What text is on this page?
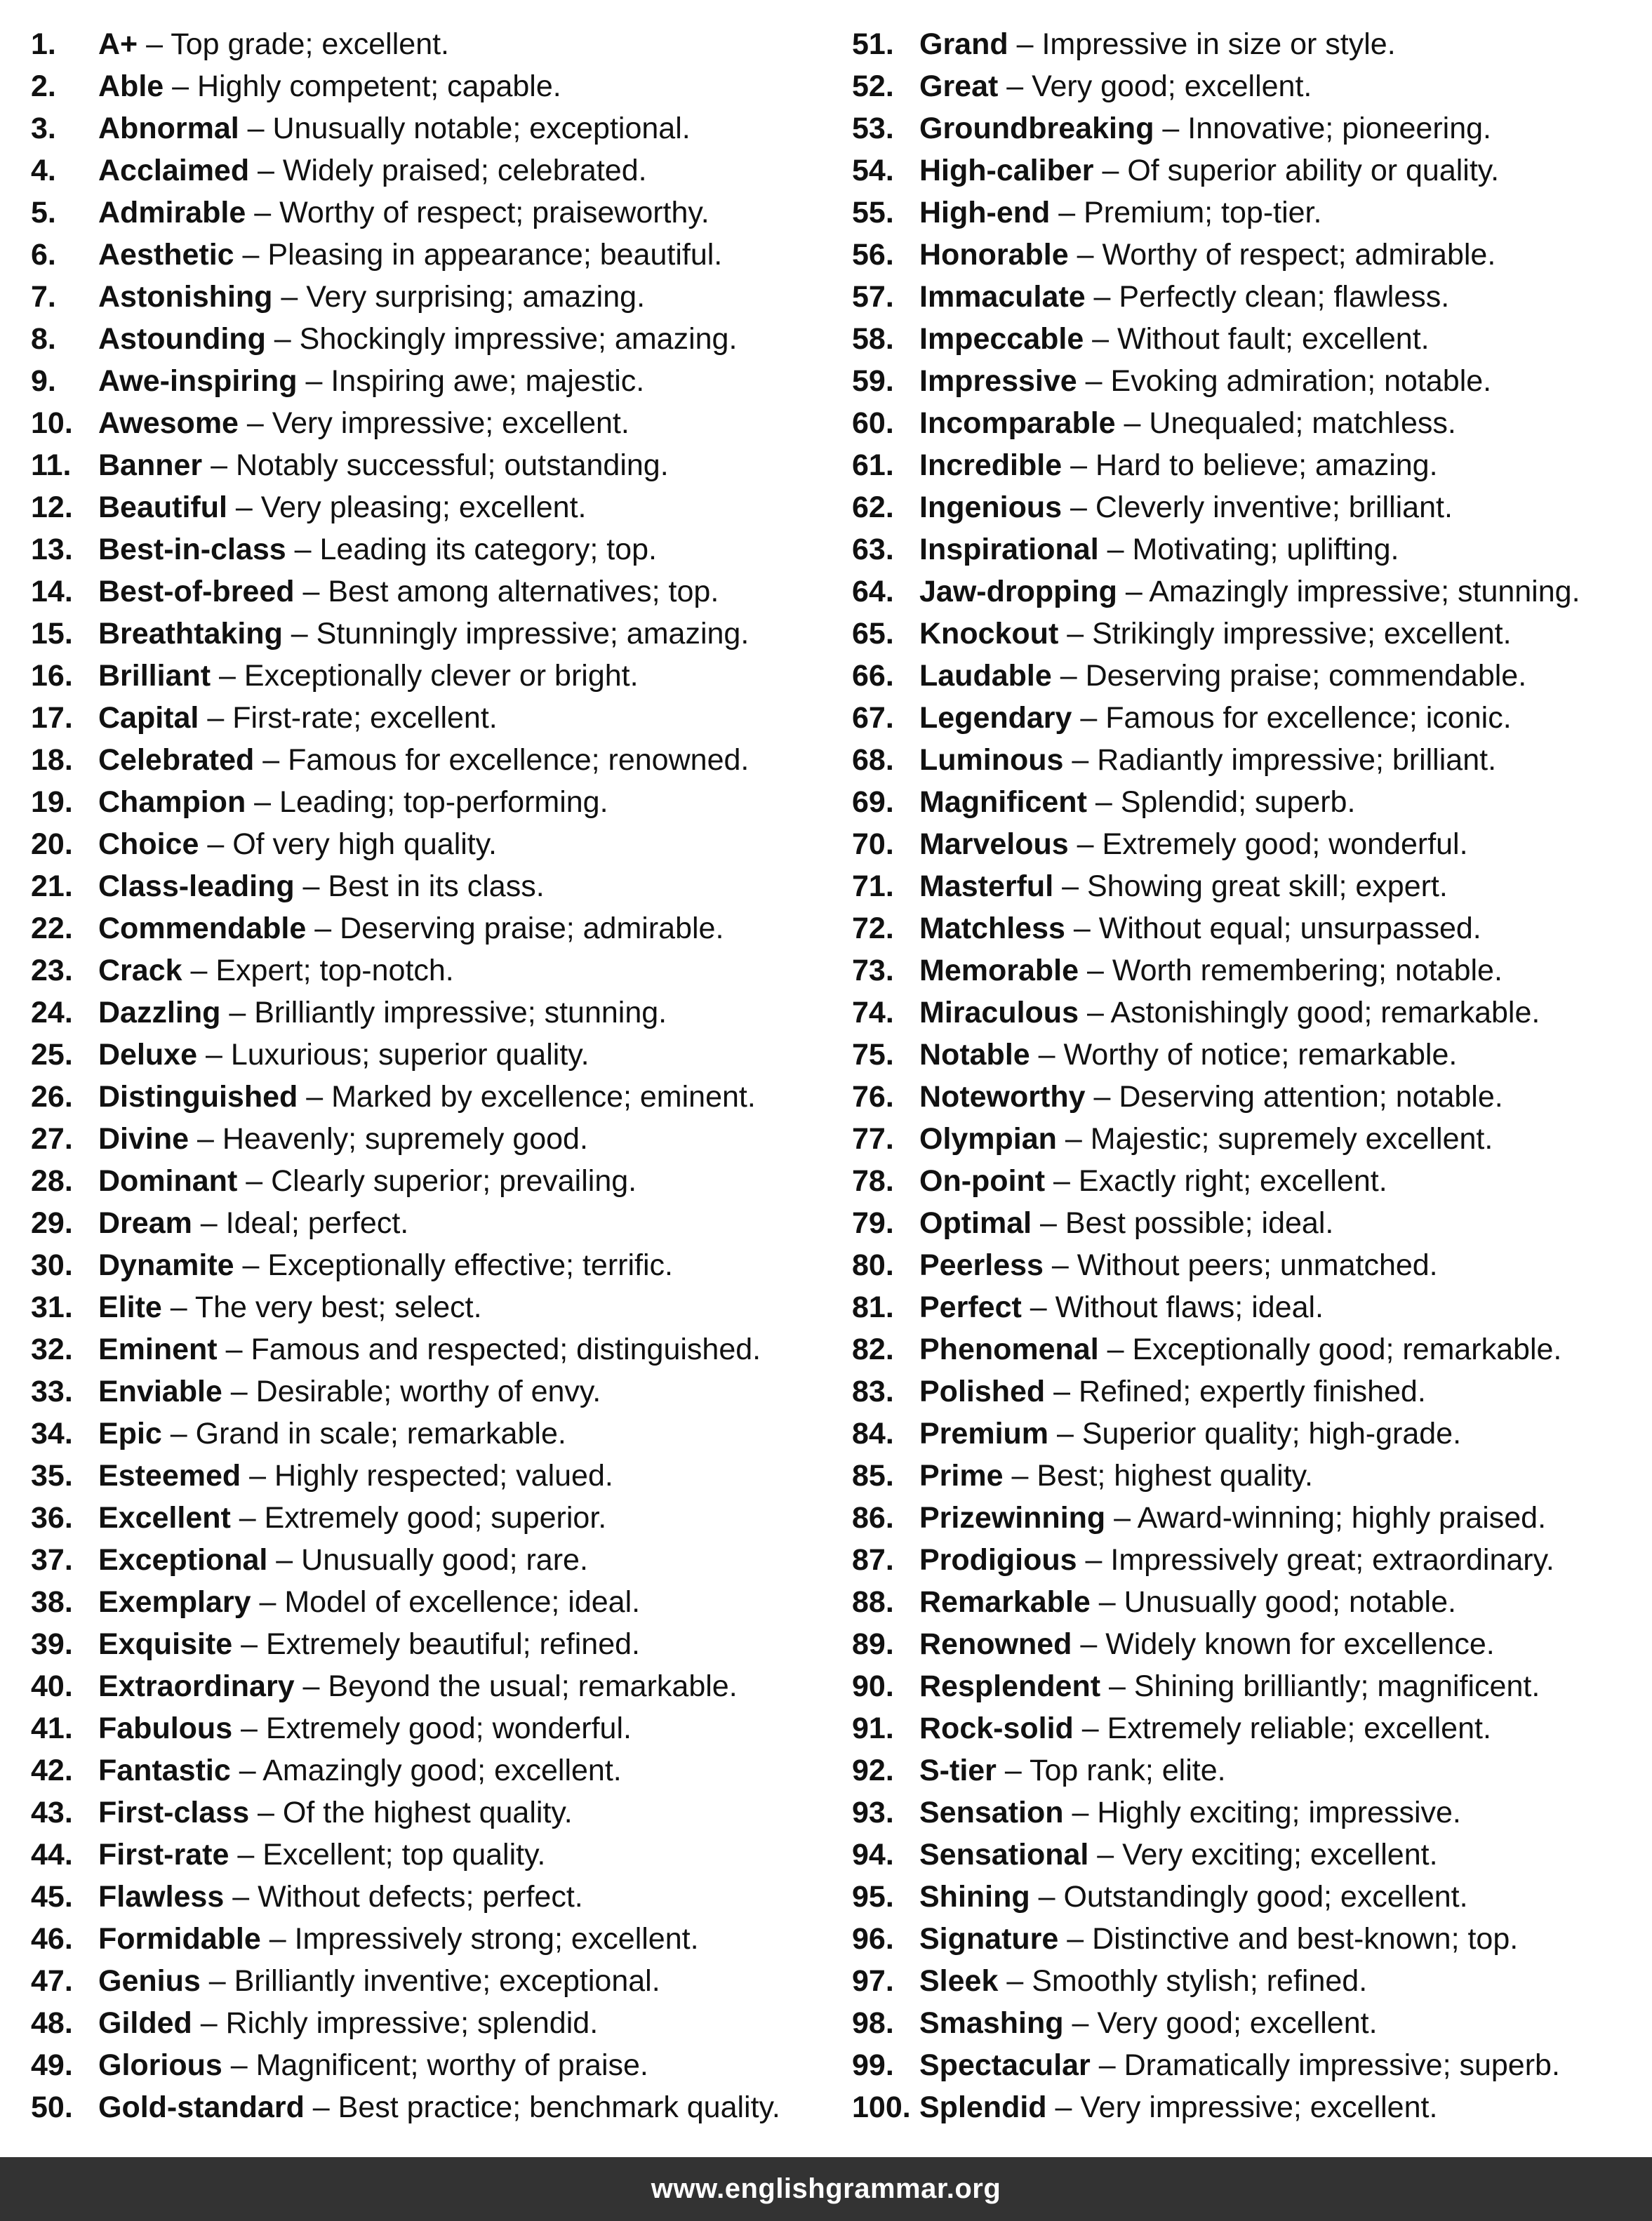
1.	A+ – Top grade; excellent.
2.	Able – Highly competent; capable.
3.	Abnormal – Unusually notable; exceptional.
4.	Acclaimed – Widely praised; celebrated.
5.	Admirable – Worthy of respect; praiseworthy.
6.	Aesthetic – Pleasing in appearance; beautiful.
7.	Astonishing – Very surprising; amazing.
8.	Astounding – Shockingly impressive; amazing.
9.	Awe-inspiring – Inspiring awe; majestic.
10. Awesome – Very impressive; excellent.
11. Banner – Notably successful; outstanding.
12. Beautiful – Very pleasing; excellent.
13. Best-in-class – Leading its category; top.
14. Best-of-breed – Best among alternatives; top.
15. Breathtaking – Stunningly impressive; amazing.
16. Brilliant – Exceptionally clever or bright.
17. Capital – First-rate; excellent.
18. Celebrated – Famous for excellence; renowned.
19. Champion – Leading; top-performing.
20. Choice – Of very high quality.
21. Class-leading – Best in its class.
22. Commendable – Deserving praise; admirable.
23. Crack – Expert; top-notch.
24. Dazzling – Brilliantly impressive; stunning.
25. Deluxe – Luxurious; superior quality.
26. Distinguished – Marked by excellence; eminent.
27. Divine – Heavenly; supremely good.
28. Dominant – Clearly superior; prevailing.
29. Dream – Ideal; perfect.
30. Dynamite – Exceptionally effective; terrific.
31. Elite – The very best; select.
32. Eminent – Famous and respected; distinguished.
33. Enviable – Desirable; worthy of envy.
34. Epic – Grand in scale; remarkable.
35. Esteemed – Highly respected; valued.
36. Excellent – Extremely good; superior.
37. Exceptional – Unusually good; rare.
38. Exemplary – Model of excellence; ideal.
39. Exquisite – Extremely beautiful; refined.
40. Extraordinary – Beyond the usual; remarkable.
41. Fabulous – Extremely good; wonderful.
42. Fantastic – Amazingly good; excellent.
43. First-class – Of the highest quality.
44. First-rate – Excellent; top quality.
45. Flawless – Without defects; perfect.
46. Formidable – Impressively strong; excellent.
47. Genius – Brilliantly inventive; exceptional.
48. Gilded – Richly impressive; splendid.
49. Glorious – Magnificent; worthy of praise.
50. Gold-standard – Best practice; benchmark quality.
51. Grand – Impressive in size or style.
52. Great – Very good; excellent.
53. Groundbreaking – Innovative; pioneering.
54. High-caliber – Of superior ability or quality.
55. High-end – Premium; top-tier.
56. Honorable – Worthy of respect; admirable.
57. Immaculate – Perfectly clean; flawless.
58. Impeccable – Without fault; excellent.
59. Impressive – Evoking admiration; notable.
60. Incomparable – Unequaled; matchless.
61. Incredible – Hard to believe; amazing.
62. Ingenious – Cleverly inventive; brilliant.
63. Inspirational – Motivating; uplifting.
64. Jaw-dropping – Amazingly impressive; stunning.
65. Knockout – Strikingly impressive; excellent.
66. Laudable – Deserving praise; commendable.
67. Legendary – Famous for excellence; iconic.
68. Luminous – Radiantly impressive; brilliant.
69. Magnificent – Splendid; superb.
70. Marvelous – Extremely good; wonderful.
71. Masterful – Showing great skill; expert.
72. Matchless – Without equal; unsurpassed.
73. Memorable – Worth remembering; notable.
74. Miraculous – Astonishingly good; remarkable.
75. Notable – Worthy of notice; remarkable.
76. Noteworthy – Deserving attention; notable.
77. Olympian – Majestic; supremely excellent.
78. On-point – Exactly right; excellent.
79. Optimal – Best possible; ideal.
80. Peerless – Without peers; unmatched.
81. Perfect – Without flaws; ideal.
82. Phenomenal – Exceptionally good; remarkable.
83. Polished – Refined; expertly finished.
84. Premium – Superior quality; high-grade.
85. Prime – Best; highest quality.
86. Prizewinning – Award-winning; highly praised.
87. Prodigious – Impressively great; extraordinary.
88. Remarkable – Unusually good; notable.
89. Renowned – Widely known for excellence.
90. Resplendent – Shining brilliantly; magnificent.
91. Rock-solid – Extremely reliable; excellent.
92. S-tier – Top rank; elite.
93. Sensation – Highly exciting; impressive.
94. Sensational – Very exciting; excellent.
95. Shining – Outstandingly good; excellent.
96. Signature – Distinctive and best-known; top.
97. Sleek – Smoothly stylish; refined.
98. Smashing – Very good; excellent.
99. Spectacular – Dramatically impressive; superb.
100. Splendid – Very impressive; excellent.
www.englishgrammar.org
